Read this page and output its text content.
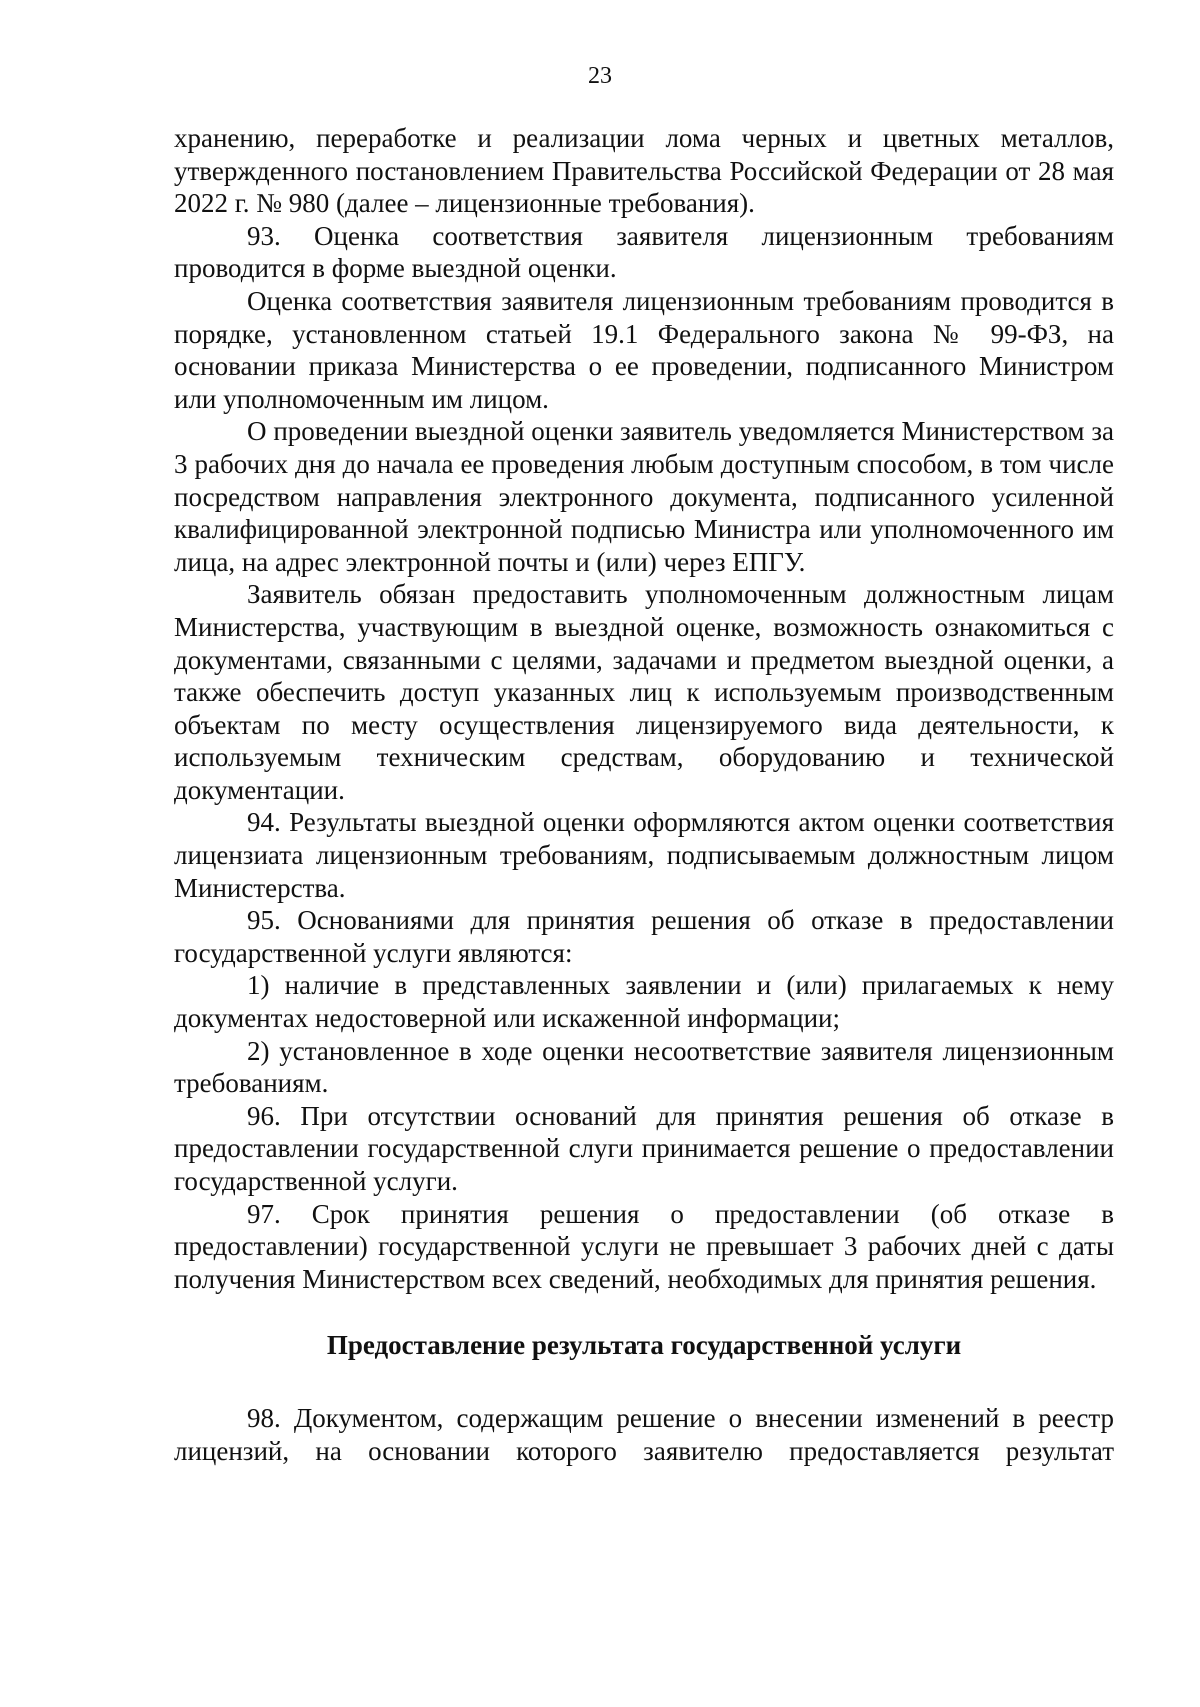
23

хранению, переработке и реализации лома черных и цветных металлов, утвержденного постановлением Правительства Российской Федерации от 28 мая 2022 г. № 980 (далее – лицензионные требования).

93. Оценка соответствия заявителя лицензионным требованиям проводится в форме выездной оценки.

Оценка соответствия заявителя лицензионным требованиям проводится в порядке, установленном статьей 19.1 Федерального закона № 99-ФЗ, на основании приказа Министерства о ее проведении, подписанного Министром или уполномоченным им лицом.

О проведении выездной оценки заявитель уведомляется Министерством за 3 рабочих дня до начала ее проведения любым доступным способом, в том числе посредством направления электронного документа, подписанного усиленной квалифицированной электронной подписью Министра или уполномоченного им лица, на адрес электронной почты и (или) через ЕПГУ.

Заявитель обязан предоставить уполномоченным должностным лицам Министерства, участвующим в выездной оценке, возможность ознакомиться с документами, связанными с целями, задачами и предметом выездной оценки, а также обеспечить доступ указанных лиц к используемым производственным объектам по месту осуществления лицензируемого вида деятельности, к используемым техническим средствам, оборудованию и технической документации.

94. Результаты выездной оценки оформляются актом оценки соответствия лицензиата лицензионным требованиям, подписываемым должностным лицом Министерства.

95. Основаниями для принятия решения об отказе в предоставлении государственной услуги являются:

1) наличие в представленных заявлении и (или) прилагаемых к нему документах недостоверной или искаженной информации;

2) установленное в ходе оценки несоответствие заявителя лицензионным требованиям.

96. При отсутствии оснований для принятия решения об отказе в предоставлении государственной слуги принимается решение о предоставлении государственной услуги.

97. Срок принятия решения о предоставлении (об отказе в предоставлении) государственной услуги не превышает 3 рабочих дней с даты получения Министерством всех сведений, необходимых для принятия решения.

Предоставление результата государственной услуги

98. Документом, содержащим решение о внесении изменений в реестр лицензий, на основании которого заявителю предоставляется результат
